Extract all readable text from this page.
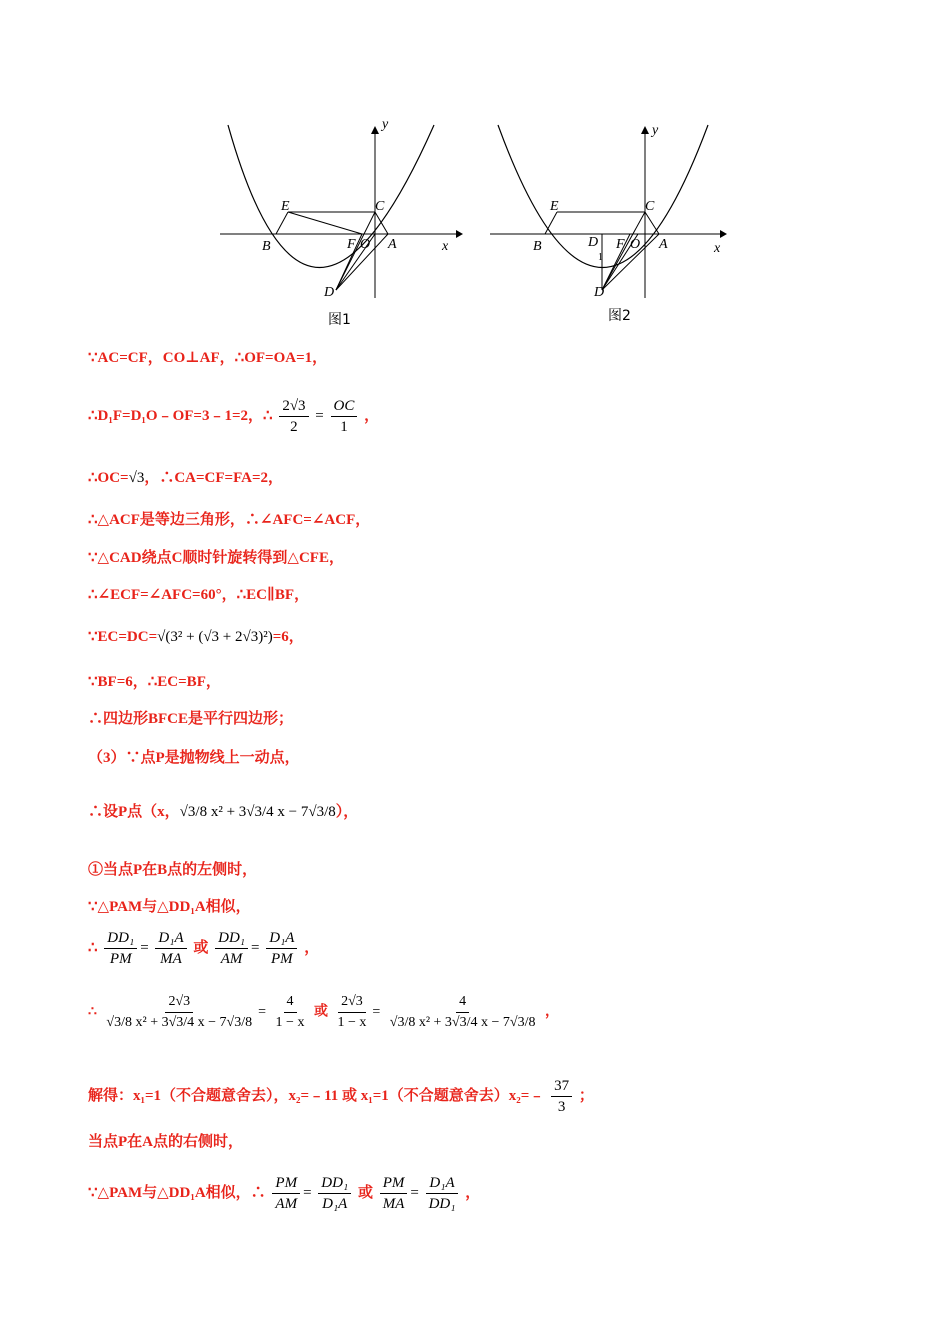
y
x
E	C
B	F O A
D
图1
y
x
E	C
B	D
1
F O A
D
图2
∵AC=CF，CO⊥AF，∴OF=OA=1，
∴D₁F=D₁O﹣OF=3﹣1=2，∴ $\frac{2√3}{2} = \frac{OC}{1}$ ，
∴OC=√3，∴CA=CF=FA=2，
∴△ACF是等边三角形，∴∠AFC=∠ACF，
∵△CAD绕点C顺时针旋转得到△CFE，
∴∠ECF=∠AFC=60°，∴EC∥BF，
∵EC=DC=√(3² + (√3 + 2√3)²)=6，
∵BF=6，∴EC=BF，
∴四边形BFCE是平行四边形；
（3）∵点P是抛物线上一动点，
∴设P点（x，√3/8 x² + 3√3/4 x − 7√3/8），
①当点P在B点的左侧时，
∵△PAM与△DD₁A相似，
∴ $\frac{\text{DD₁}}{PM} = \frac{\text{D₁A}}{MA}$ 或 $\frac{\text{DD₁}}{AM} = \frac{\text{D₁A}}{PM}$ ，
∴ $\frac{2√3}{\text{√3/8 x² + 3√3/4 x − 7√3/8}} = \frac{4}{1 - x}$ 或 $\frac{2√3}{1 - x} = \frac{4}{\text{√3/8 x² + 3√3/4 x − 7√3/8}}$ ，
解得：x₁=1（不合题意舍去），x₂=﹣11 或 x₁=1（不合题意舍去）x₂=﹣ $\frac{37}{3}$ ；
当点P在A点的右侧时，
∵△PAM与△DD₁A相似，∴ $\frac{PM}{AM} = \frac{\text{DD₁}}{\text{D₁A}}$ 或 $\frac{PM}{MA} = \frac{\text{D₁A}}{\text{DD₁}}$ ，
